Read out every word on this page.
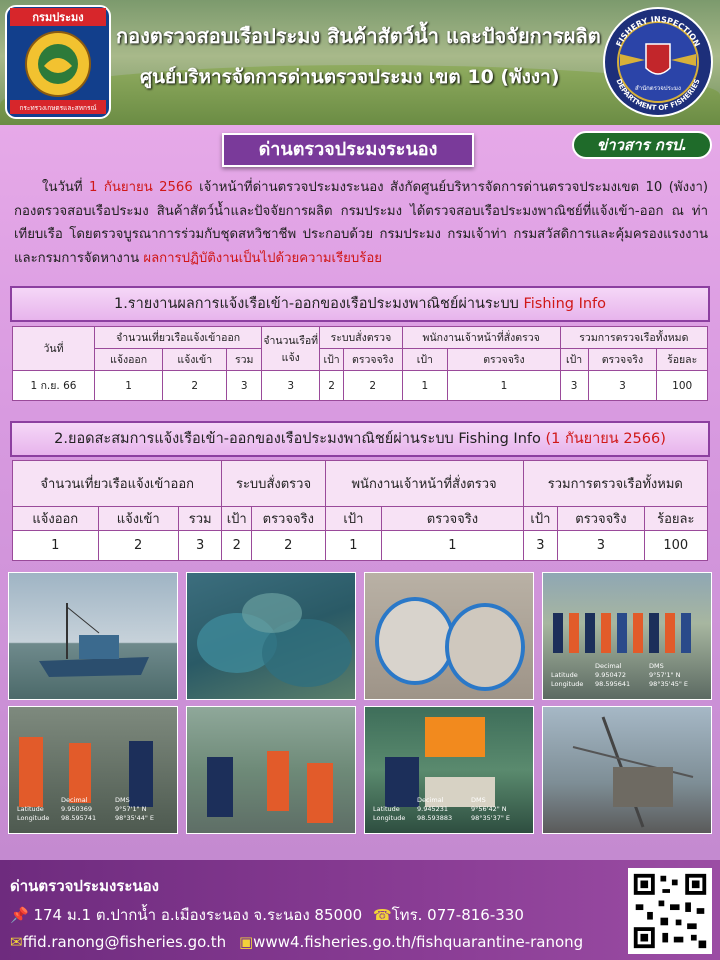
กรมประมง
กระทรวงเกษตรและสหกรณ์
กองตรวจสอบเรือประมง สินค้าสัตว์น้ำ และปัจจัยการผลิต
ศูนย์บริหารจัดการด่านตรวจประมง เขต 10 (พังงา)
FISHERY INSPECTION
DEPARTMENT OF FISHERIES
สำนักตรวจประมง
ด่านตรวจประมงระนอง	ข่าวสาร กรป.
ในวันที่ 1 กันยายน 2566 เจ้าหน้าที่ด่านตรวจประมงระนอง สังกัดศูนย์บริหารจัดการด่านตรวจประมงเขต 10 (พังงา) กองตรวจสอบเรือประมง สินค้าสัตว์น้ำและปัจจัยการผลิต กรมประมง ได้ตรวจสอบเรือประมงพาณิชย์ที่แจ้งเข้า-ออก ณ ท่าเทียบเรือ โดยตรวจบูรณาการร่วมกับชุดสหวิชาชีพ ประกอบด้วย กรมประมง กรมเจ้าท่า กรมสวัสดิการและคุ้มครองแรงงาน และกรมการจัดหางาน ผลการปฏิบัติงานเป็นไปด้วยความเรียบร้อย
1.รายงานผลการแจ้งเรือเข้า-ออกของเรือประมงพาณิชย์ผ่านระบบ Fishing Info
วันที่	จำนวนเที่ยวเรือแจ้งเข้าออก			จำนวนเรือที่แจ้ง	ระบบสั่งตรวจ		พนักงานเจ้าหน้าที่สั่งตรวจ		รวมการตรวจเรือทั้งหมด		
	แจ้งออก	แจ้งเข้า	รวม		เป้า	ตรวจจริง	เป้า	ตรวจจริง	เป้า	ตรวจจริง	ร้อยละ
1 ก.ย. 66	1	2	3	3	2	2	1	1	3	3	100
2.ยอดสะสมการแจ้งเรือเข้า-ออกของเรือประมงพาณิชย์ผ่านระบบ Fishing Info (1 กันยายน 2566)
จำนวนเที่ยวเรือแจ้งเข้าออก			ระบบสั่งตรวจ		พนักงานเจ้าหน้าที่สั่งตรวจ		รวมการตรวจเรือทั้งหมด		
แจ้งออก	แจ้งเข้า	รวม	เป้า	ตรวจจริง	เป้า	ตรวจจริง	เป้า	ตรวจจริง	ร้อยละ
1	2	3	2	2	1	1	3	3	100
Decimal	DMS
Latitude	9.950472	9°57'1" N
Longitude	98.595641	98°35'45" E
Decimal	DMS
Latitude	9.950369	9°57'1" N
Longitude	98.595741	98°35'44" E
Decimal	DMS
Latitude	9.945231	9°56'42" N
Longitude	98.593883	98°35'37" E
ด่านตรวจประมงระนอง
📌 174 ม.1 ต.ปากน้ำ อ.เมืองระนอง จ.ระนอง 85000 ☎โทร. 077-816-330
✉ffid.ranong@fisheries.go.th ▣www4.fisheries.go.th/fishquarantine-ranong
